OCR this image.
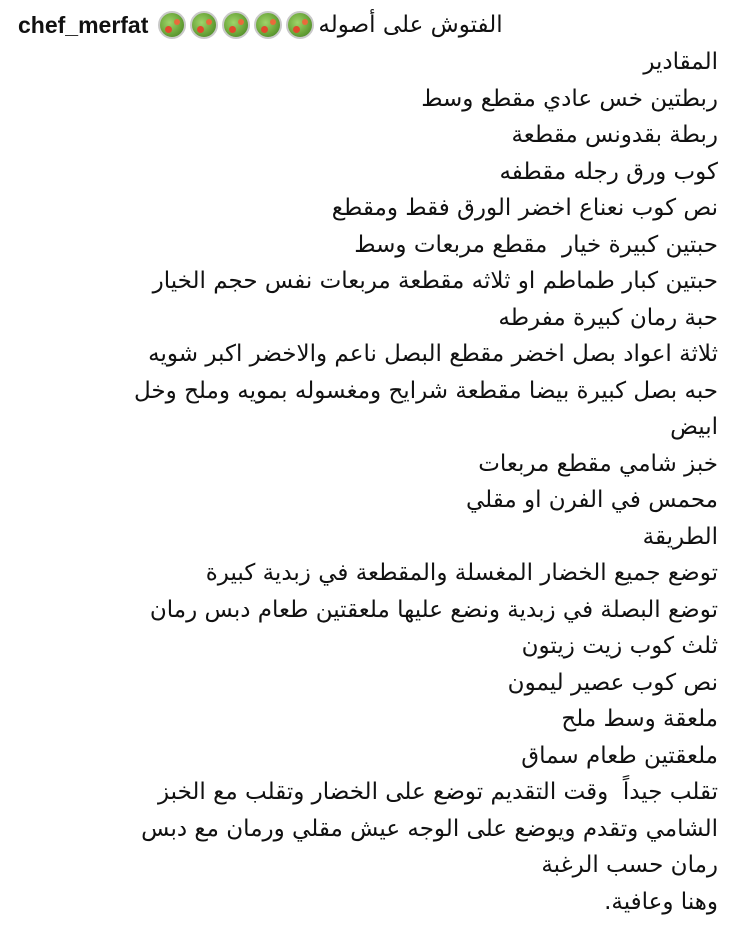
chef_merfat	الفتوش على أصوله
المقادير
ربطتين خس عادي مقطع وسط
ربطة بقدونس مقطعة
كوب ورق رجله مقطفه
نص كوب نعناع اخضر الورق فقط ومقطع
حبتين كبيرة خيار  مقطع مربعات وسط
حبتين كبار طماطم او ثلاثه مقطعة مربعات نفس حجم الخيار
حبة رمان كبيرة مفرطه
ثلاثة اعواد بصل اخضر مقطع البصل ناعم والاخضر اكبر شويه
حبه بصل كبيرة بيضا مقطعة شرايح ومغسوله بمويه وملح وخل
ابيض
خبز شامي مقطع مربعات
محمس في الفرن او مقلي
الطريقة
توضع جميع الخضار المغسلة والمقطعة في زبدية كبيرة
توضع البصلة في زبدية ونضع عليها ملعقتين طعام دبس رمان
ثلث كوب زيت زيتون
نص كوب عصير ليمون
ملعقة وسط ملح
ملعقتين طعام سماق
تقلب جيداً  وقت التقديم توضع على الخضار وتقلب مع الخبز
الشامي وتقدم ويوضع على الوجه عيش مقلي ورمان مع دبس
رمان حسب الرغبة
وهنا وعافية.
